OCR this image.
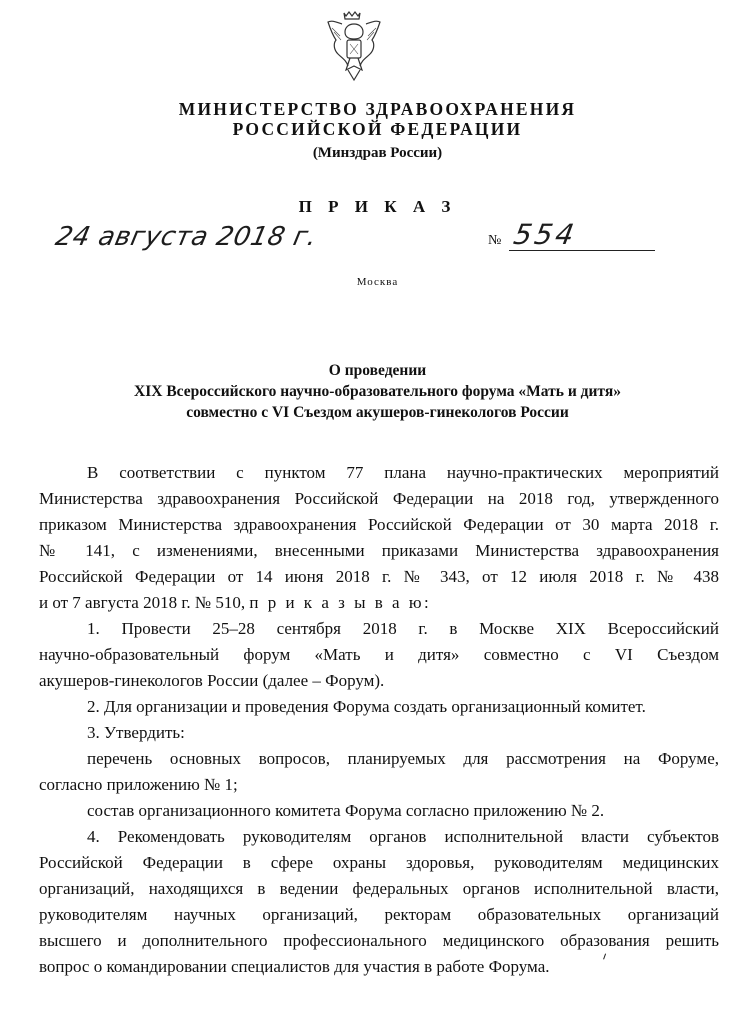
МИНИСТЕРСТВО ЗДРАВООХРАНЕНИЯ
РОССИЙСКОЙ ФЕДЕРАЦИИ
(Минздрав России)
П Р И К А З
24 августа 2018 г.	№ 554
Москва
О проведении
XIX Всероссийского научно-образовательного форума «Мать и дитя»
совместно с VI Съездом акушеров-гинекологов России
В соответствии с пунктом 77 плана научно-практических мероприятий
Министерства здравоохранения Российской Федерации на 2018 год, утвержденного
приказом Министерства здравоохранения Российской Федерации от 30 марта 2018 г.
№ 141, с изменениями, внесенными приказами Министерства здравоохранения
Российской Федерации от 14 июня 2018 г. № 343, от 12 июля 2018 г. № 438
и от 7 августа 2018 г. № 510, п р и к а з ы в а ю:
1. Провести 25–28 сентября 2018 г. в Москве XIX Всероссийский
научно-образовательный форум «Мать и дитя» совместно с VI Съездом
акушеров-гинекологов России (далее – Форум).
2. Для организации и проведения Форума создать организационный комитет.
3. Утвердить:
перечень основных вопросов, планируемых для рассмотрения на Форуме,
согласно приложению № 1;
состав организационного комитета Форума согласно приложению № 2.
4. Рекомендовать руководителям органов исполнительной власти субъектов
Российской Федерации в сфере охраны здоровья, руководителям медицинских
организаций, находящихся в ведении федеральных органов исполнительной власти,
руководителям научных организаций, ректорам образовательных организаций
высшего и дополнительного профессионального медицинского образования решить
вопрос о командировании специалистов для участия в работе Форума.
